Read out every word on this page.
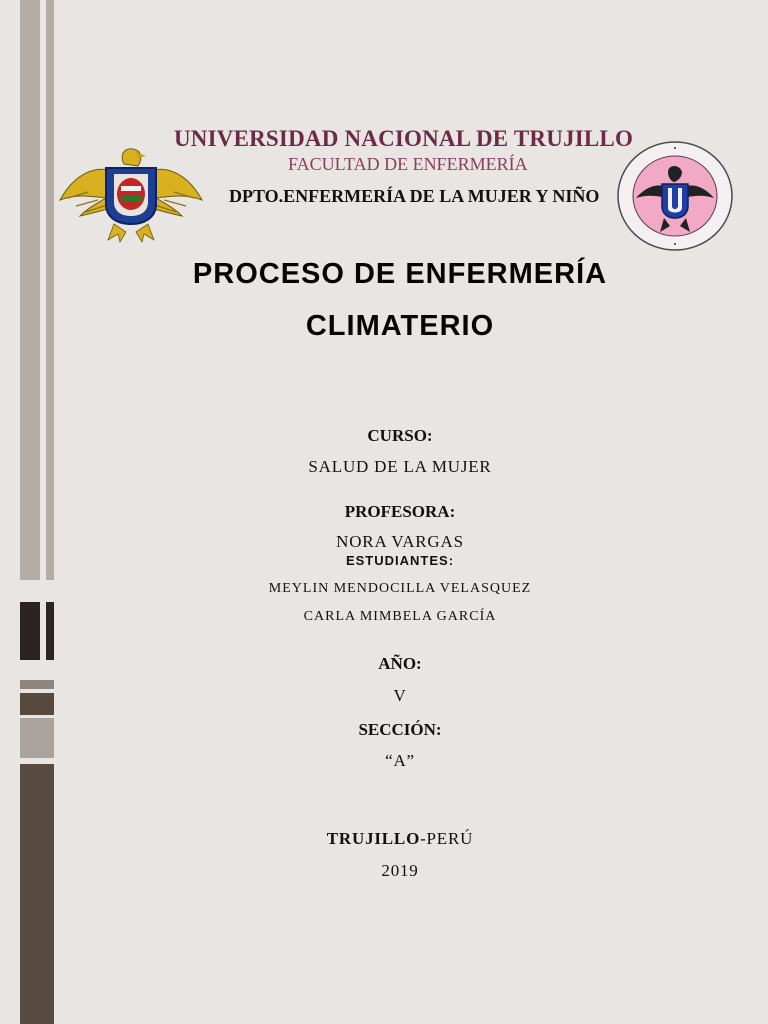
UNIVERSIDAD NACIONAL DE TRUJILLO
FACULTAD DE ENFERMERÍA
DPTO.ENFERMERÍA DE LA MUJER Y NIÑO
PROCESO DE ENFERMERÍA
CLIMATERIO
CURSO:
SALUD DE LA MUJER
PROFESORA:
NORA VARGAS
ESTUDIANTES:
MEYLIN MENDOCILLA VELASQUEZ
CARLA MIMBELA GARCÍA
AÑO:
V
SECCIÓN:
“A”
TRUJILLO-PERÚ
2019
